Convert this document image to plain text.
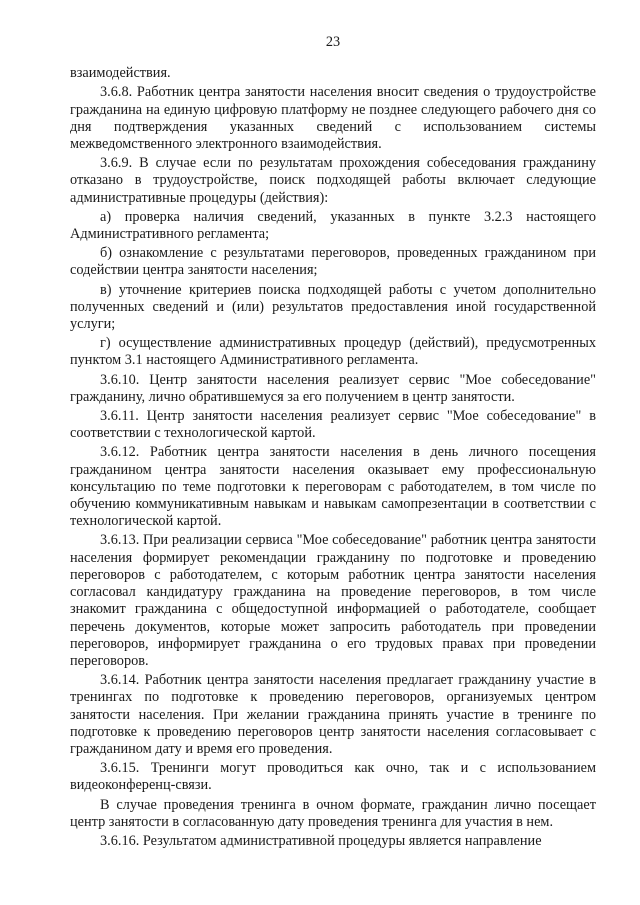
23

взаимодействия.

3.6.8. Работник центра занятости населения вносит сведения о трудоустройстве гражданина на единую цифровую платформу не позднее следующего рабочего дня со дня подтверждения указанных сведений с использованием системы межведомственного электронного взаимодействия.

3.6.9. В случае если по результатам прохождения собеседования гражданину отказано в трудоустройстве, поиск подходящей работы включает следующие административные процедуры (действия):

а) проверка наличия сведений, указанных в пункте 3.2.3 настоящего Административного регламента;

б) ознакомление с результатами переговоров, проведенных гражданином при содействии центра занятости населения;

в) уточнение критериев поиска подходящей работы с учетом дополнительно полученных сведений и (или) результатов предоставления иной государственной услуги;

г) осуществление административных процедур (действий), предусмотренных пунктом 3.1 настоящего Административного регламента.

3.6.10. Центр занятости населения реализует сервис "Мое собеседование" гражданину, лично обратившемуся за его получением в центр занятости.

3.6.11. Центр занятости населения реализует сервис "Мое собеседование" в соответствии с технологической картой.

3.6.12. Работник центра занятости населения в день личного посещения гражданином центра занятости населения оказывает ему профессиональную консультацию по теме подготовки к переговорам с работодателем, в том числе по обучению коммуникативным навыкам и навыкам самопрезентации в соответствии с технологической картой.

3.6.13. При реализации сервиса "Мое собеседование" работник центра занятости населения формирует рекомендации гражданину по подготовке и проведению переговоров с работодателем, с которым работник центра занятости населения согласовал кандидатуру гражданина на проведение переговоров, в том числе знакомит гражданина с общедоступной информацией о работодателе, сообщает перечень документов, которые может запросить работодатель при проведении переговоров, информирует гражданина о его трудовых правах при проведении переговоров.

3.6.14. Работник центра занятости населения предлагает гражданину участие в тренингах по подготовке к проведению переговоров, организуемых центром занятости населения. При желании гражданина принять участие в тренинге по подготовке к проведению переговоров центр занятости населения согласовывает с гражданином дату и время его проведения.

3.6.15. Тренинги могут проводиться как очно, так и с использованием видеоконференц-связи.

В случае проведения тренинга в очном формате, гражданин лично посещает центр занятости в согласованную дату проведения тренинга для участия в нем.

3.6.16. Результатом административной процедуры является направление
